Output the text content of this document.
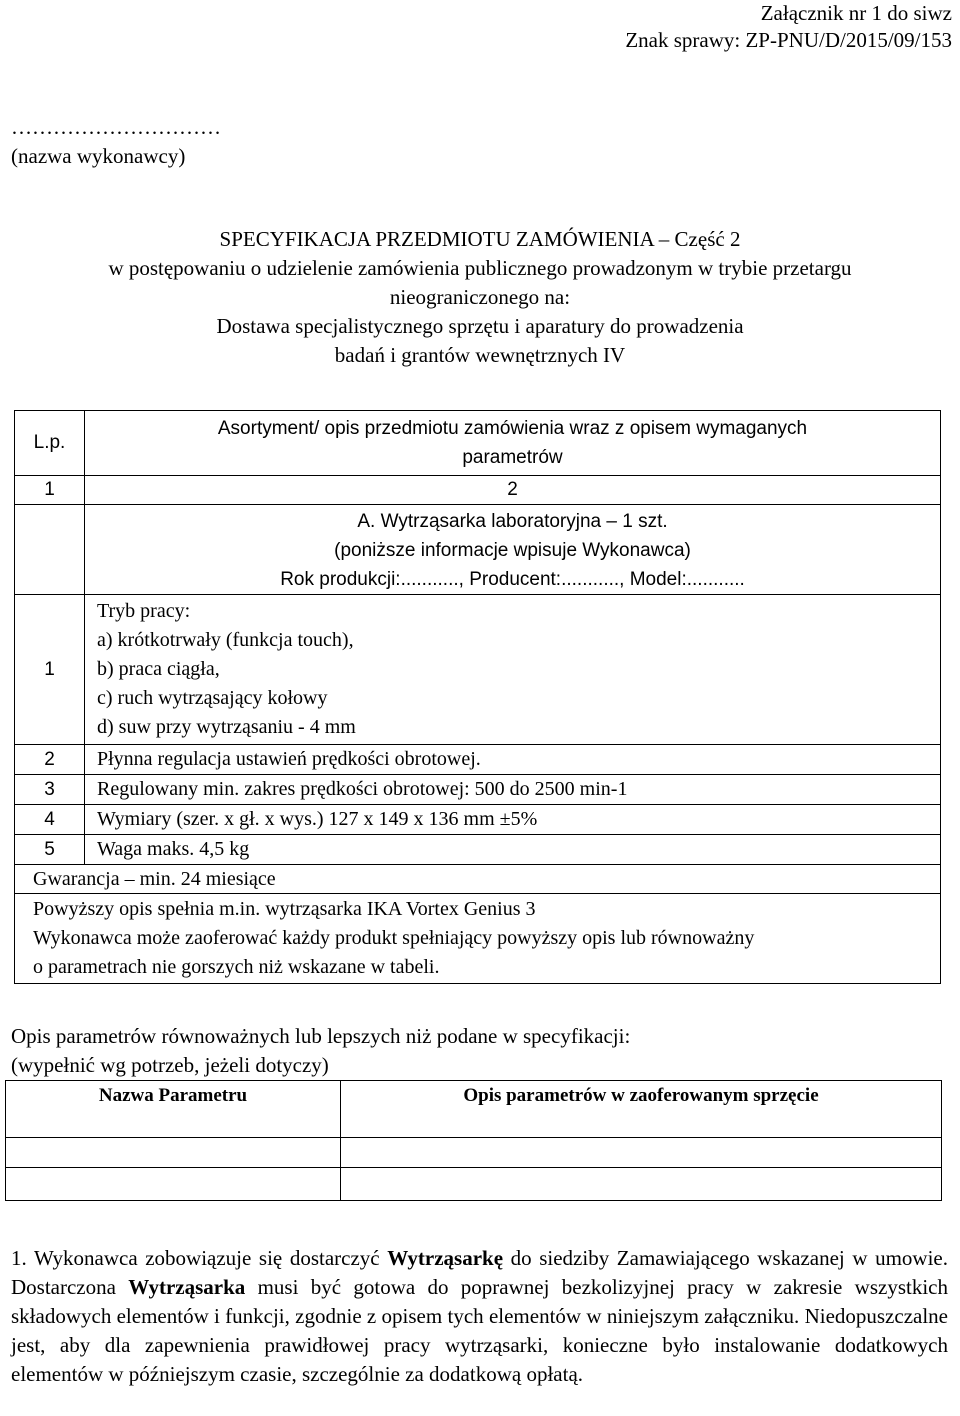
Załącznik nr 1 do siwz
Znak sprawy: ZP-PNU/D/2015/09/153
…………………………
(nazwa wykonawcy)
SPECYFIKACJA PRZEDMIOTU ZAMÓWIENIA – Część 2
w postępowaniu o udzielenie zamówienia publicznego prowadzonym w trybie przetargu
nieograniczonego na:
Dostawa specjalistycznego sprzętu i aparatury do prowadzenia
badań i grantów wewnętrznych IV
L.p.	Asortyment/ opis przedmiotu zamówienia wraz z opisem wymaganych
parametrów

1	2

	A. Wytrząsarka laboratoryjna – 1 szt.
(poniższe informacje wpisuje Wykonawca)
Rok produkcji:..........., Producent:..........., Model:...........

1	Tryb pracy:
a) krótkotrwały (funkcja touch),
b) praca ciągła,
c) ruch wytrząsający kołowy
d) suw przy wytrząsaniu - 4 mm

2	Płynna regulacja ustawień prędkości obrotowej.
3	Regulowany min. zakres prędkości obrotowej: 500 do 2500 min-1
4	Wymiary (szer. x gł. x wys.) 127 x 149 x 136 mm ±5%
5	Waga maks. 4,5 kg
Gwarancja – min. 24 miesiące	

Powyższy opis spełnia m.in. wytrząsarka IKA Vortex Genius 3
Wykonawca może zaoferować każdy produkt spełniający powyższy opis lub równoważny
o parametrach nie gorszych niż wskazane w tabeli.	
Opis parametrów równoważnych lub lepszych niż podane w specyfikacji:
(wypełnić wg potrzeb, jeżeli dotyczy)
Nazwa Parametru	Opis parametrów w zaoferowanym sprzęcie

1. Wykonawca zobowiązuje się dostarczyć Wytrząsarkę do siedziby Zamawiającego wskazanej w umowie. Dostarczona Wytrząsarka musi być gotowa do poprawnej bezkolizyjnej pracy w zakresie wszystkich składowych elementów i funkcji, zgodnie z opisem tych elementów w niniejszym załączniku. Niedopuszczalne jest, aby dla zapewnienia prawidłowej pracy wytrząsarki, konieczne było instalowanie dodatkowych elementów w późniejszym czasie, szczególnie za dodatkową opłatą.
